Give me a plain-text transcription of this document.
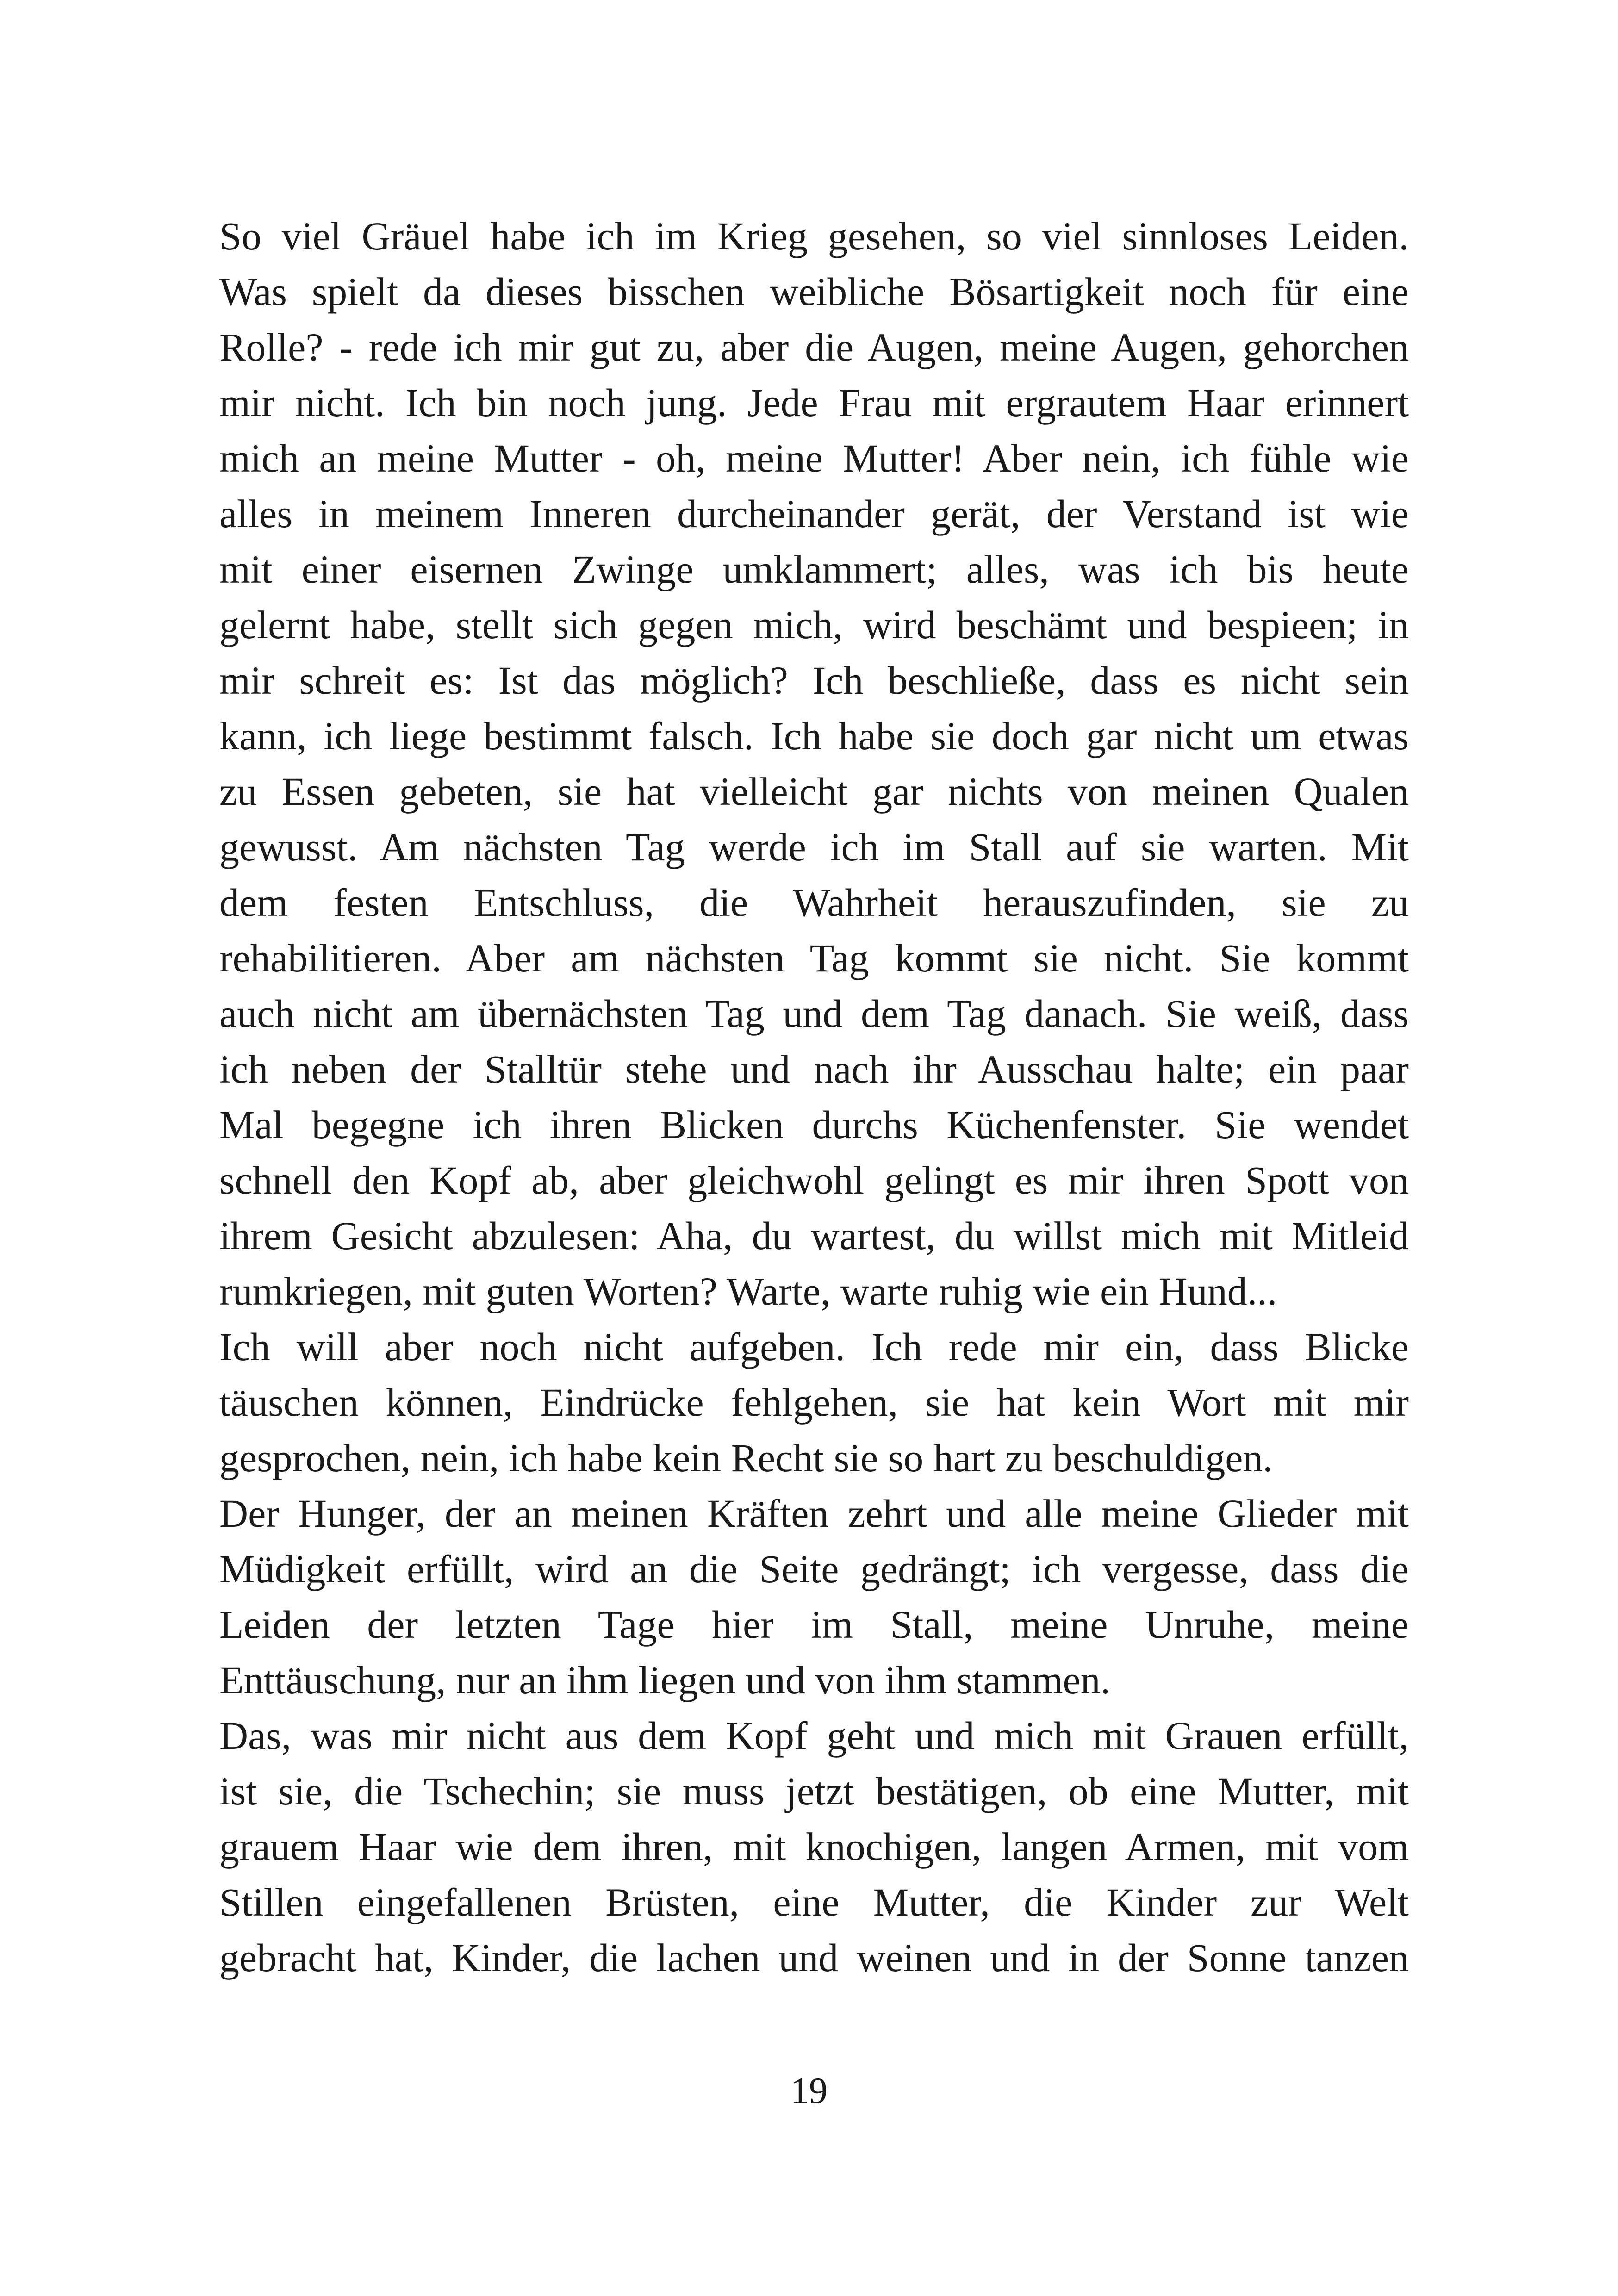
So viel Gräuel habe ich im Krieg gesehen, so viel sinnloses Leiden.
Was spielt da dieses bisschen weibliche Bösartigkeit noch für eine
Rolle? - rede ich mir gut zu, aber die Augen, meine Augen, gehorchen
mir nicht. Ich bin noch jung. Jede Frau mit ergrautem Haar erinnert
mich an meine Mutter - oh, meine Mutter! Aber nein, ich fühle wie
alles in meinem Inneren durcheinander gerät, der Verstand ist wie
mit einer eisernen Zwinge umklammert; alles, was ich bis heute
gelernt habe, stellt sich gegen mich, wird beschämt und bespieen; in
mir schreit es: Ist das möglich? Ich beschließe, dass es nicht sein
kann, ich liege bestimmt falsch. Ich habe sie doch gar nicht um etwas
zu Essen gebeten, sie hat vielleicht gar nichts von meinen Qualen
gewusst. Am nächsten Tag werde ich im Stall auf sie warten. Mit
dem festen Entschluss, die Wahrheit herauszufinden, sie zu
rehabilitieren. Aber am nächsten Tag kommt sie nicht. Sie kommt
auch nicht am übernächsten Tag und dem Tag danach. Sie weiß, dass
ich neben der Stalltür stehe und nach ihr Ausschau halte; ein paar
Mal begegne ich ihren Blicken durchs Küchenfenster. Sie wendet
schnell den Kopf ab, aber gleichwohl gelingt es mir ihren Spott von
ihrem Gesicht abzulesen: Aha, du wartest, du willst mich mit Mitleid
rumkriegen, mit guten Worten? Warte, warte ruhig wie ein Hund...
Ich will aber noch nicht aufgeben. Ich rede mir ein, dass Blicke
täuschen können, Eindrücke fehlgehen, sie hat kein Wort mit mir
gesprochen, nein, ich habe kein Recht sie so hart zu beschuldigen.
Der Hunger, der an meinen Kräften zehrt und alle meine Glieder mit
Müdigkeit erfüllt, wird an die Seite gedrängt; ich vergesse, dass die
Leiden der letzten Tage hier im Stall, meine Unruhe, meine
Enttäuschung, nur an ihm liegen und von ihm stammen.
Das, was mir nicht aus dem Kopf geht und mich mit Grauen erfüllt,
ist sie, die Tschechin; sie muss jetzt bestätigen, ob eine Mutter, mit
grauem Haar wie dem ihren, mit knochigen, langen Armen, mit vom
Stillen eingefallenen Brüsten, eine Mutter, die Kinder zur Welt
gebracht hat, Kinder, die lachen und weinen und in der Sonne tanzen
19
